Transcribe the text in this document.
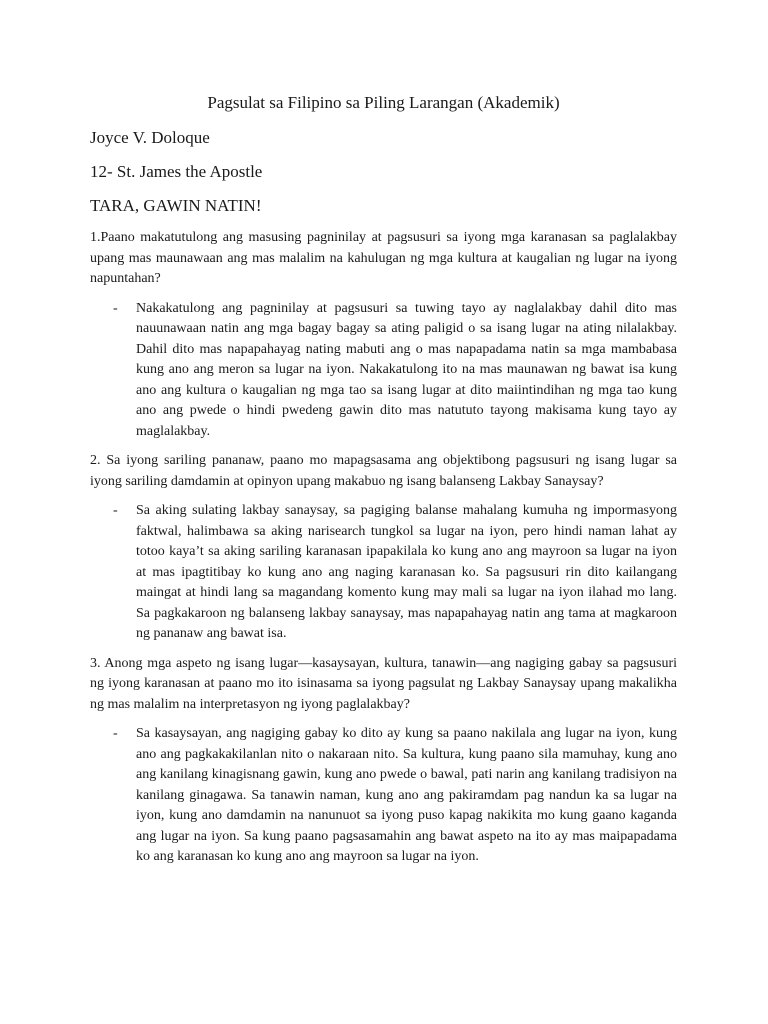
Pagsulat sa Filipino sa Piling Larangan (Akademik)

Joyce V. Doloque

12- St. James the Apostle

TARA, GAWIN NATIN!

1.Paano makatutulong ang masusing pagninilay at pagsusuri sa iyong mga karanasan sa paglalakbay upang mas maunawaan ang mas malalim na kahulugan ng mga kultura at kaugalian ng lugar na iyong napuntahan?

- Nakakatulong ang pagninilay at pagsusuri sa tuwing tayo ay naglalakbay dahil dito mas nauunawaan natin ang mga bagay bagay sa ating paligid o sa isang lugar na ating nilalakbay. Dahil dito mas napapahayag nating mabuti ang o mas napapadama natin sa mga mambabasa kung ano ang meron sa lugar na iyon. Nakakatulong ito na mas maunawan ng bawat isa kung ano ang kultura o kaugalian ng mga tao sa isang lugar at dito maiintindihan ng mga tao kung ano ang pwede o hindi pwedeng gawin dito mas natututo tayong makisama kung tayo ay maglalakbay.

2. Sa iyong sariling pananaw, paano mo mapagsasama ang objektibong pagsusuri ng isang lugar sa iyong sariling damdamin at opinyon upang makabuo ng isang balanseng Lakbay Sanaysay?

- Sa aking sulating lakbay sanaysay, sa pagiging balanse mahalang kumuha ng impormasyong faktwal, halimbawa sa aking narisearch tungkol sa lugar na iyon, pero hindi naman lahat ay totoo kaya’t sa aking sariling karanasan ipapakilala ko kung ano ang mayroon sa lugar na iyon at mas ipagtitibay ko kung ano ang naging karanasan ko. Sa pagsusuri rin dito kailangang maingat at hindi lang sa magandang komento kung may mali sa lugar na iyon ilahad mo lang. Sa pagkakaroon ng balanseng lakbay sanaysay, mas napapahayag natin ang tama at magkaroon ng pananaw ang bawat isa.

3. Anong mga aspeto ng isang lugar—kasaysayan, kultura, tanawin—ang nagiging gabay sa pagsusuri ng iyong karanasan at paano mo ito isinasama sa iyong pagsulat ng Lakbay Sanaysay upang makalikha ng mas malalim na interpretasyon ng iyong paglalakbay?

- Sa kasaysayan, ang nagiging gabay ko dito ay kung sa paano nakilala ang lugar na iyon, kung ano ang pagkakakilanlan nito o nakaraan nito. Sa kultura, kung paano sila mamuhay, kung ano ang kanilang kinagisnang gawin, kung ano pwede o bawal, pati narin ang kanilang tradisiyon na kanilang ginagawa. Sa tanawin naman, kung ano ang pakiramdam pag nandun ka sa lugar na iyon, kung ano damdamin na nanunuot sa iyong puso kapag nakikita mo kung gaano kaganda ang lugar na iyon. Sa kung paano pagsasamahin ang bawat aspeto na ito ay mas maipapadama ko ang karanasan ko kung ano ang mayroon sa lugar na iyon.
